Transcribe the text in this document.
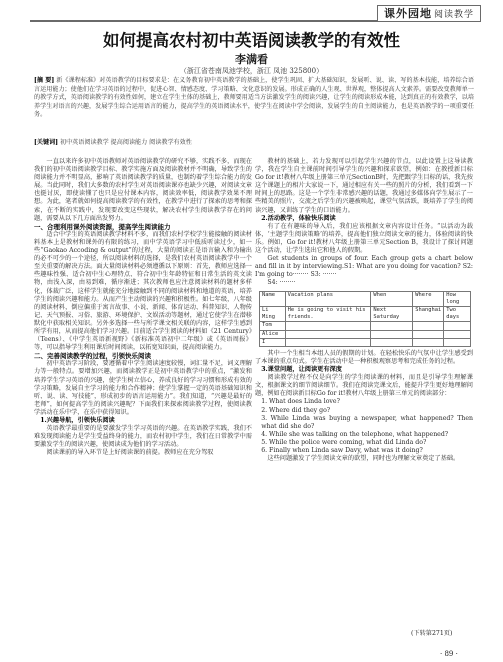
课外园地 阅读教学
如何提高农村初中英语阅读教学的有效性
李满看
（浙江省苍南凤池学校，浙江 凤池 325800）
[摘 要] 新《课程标准》对英语教学的目标要求是：在义务教育初中英语教学的基础上，使学生巩固、扩大基础知识，发展听、说、读、写的基本技能，培养综合语言运用能力；使他们在学习英语的过程中，促进心智、情感态度、学习策略、文化意识的发展。形成正确的人生观、世界观，整体提高人文素养。需要改变教师单一的教学方式，英语阅读教学的有效性如何，建立在学生主体的基础上，教师要用适当方法激发学生的阅读兴趣，让学生的阅读形成本能，达到真正的有效教学，以培养学生对语言的兴趣，发展学生综合运用语言的能力，提高学生的英语阅读水平，使学生在阅读中学会阅读，发展学生的自主阅读能力，也是英语教学的一项重要任务。
[关键词] 初中英语阅读教学 提高阅读能力 阅读教学有效性

一直以来许多初中英语教师对英语阅读教学的研究不够，实践不多，而现在我们的初中英语阅读教学目标、教学实施方面及阅读教材并不明确，导致学生的阅读能力并不明显高，影响了英语阅读教学的质量，也制约着学生综合能力的发展。当此同时，我们大多数的农村学生对英语阅读课亦也缺少兴趣，对阅读文章也挺讨厌，即使读懂了也只是应付课本内容，阅读效率低，阅读教学效果不理想。为此，笔者就如何提高阅读教学的有效性，在教学中进行了探索的思考和探索，在不断的实践中，发现要改变这些现状，解决农村学生阅读教学存在的问题，需要从以下几方面出发努力。

一、合理利用课外阅读资源，提高学生阅读能力

适合中学生的英语阅读教学材料不多，而我们农村学校学生能接触的阅读材料基本上是教材和课外的有限的练习，而中学英语学习中低质听读过少，如一些“Gaokao Accoding & output”的过程，大量的阅读正是语言输入和为输出的必不可少的一个途径，所以阅读材料的选择，是我们农村英语阅读教学中一个至关重要的解决方法。面大量阅读材料必须遵循以下原则：首先，教师应选择一些趣味性强、适合初中生心理特点、符合初中生年龄特征和日常生活的英文读物，由浅入深，由易到难，循序渐进；其次教师也应注意阅读材料的题材多样化，体裁广泛，这样学生就能充分地接触到不同的阅读材料和地道的英语，培养学生的阅读兴趣和能力。从而产生主动阅读的兴趣和积极性。如七年级，八年级的阅读材料，倒应偏重于寓言故事、小说、新闻、体育运动、科普知识、人物传记、天气预报、习俗、旅游、环境保护、文娱活动等题材，通过它使学生在潜移默化中获取相关知识。另外多选择一些与所学课文相关联的内容，这样学生感到所学有用，从而提高他们学习兴趣。目前适合学生阅读的材料如《21 Century》（Teens）、《中学生英语新视野》《新标准英语初中二年级》或《英语周报》等，可以指导学生利用课后时间阅读，以拓宽知识面，提高阅读能力。

二、完善阅读教学的过程，引领快乐阅读

初中英语学习阶段，要遵循着中学生阅读速度较慢，词汇量不足，词义理解力等一般特点。要增加兴趣，而阅读教学正是初中英语教学中的重点，“激发和培养学生学习英语的兴趣，使学生树立信心，养成良好的学习习惯和形成有效的学习策略，发展自主学习的能力和合作精神；使学生掌握一定的英语基础知识和听、说、读、写技能”，形成初步的语言运用能力”。我们知道，“兴趣是最好的老师”，如何提高学生的阅读兴趣呢？下面我们来探索阅读教学过程，使阅读教学活动在乐中学，在乐中获得知识。

1.兴趣导航，引领快乐阅读

英语教学最重要的是要激发学生学习英语的兴趣。在英语教学实践，我们不难发现阅读能力是学生受益终身的能力，而农村初中学生，我们在日常教学中需要激发学生的阅读兴趣，使阅读成为他们的学习活动。

阅读课前的导入环节是上好阅读课的前提。教师应在充分驾驭

教材的基础上，若力发现可以引起学生兴趣的节点，以此设置上这导读教学，我在学生自主课前时间引导学生的兴趣和探求欲望，例如：在教授新目标Go for it!教材八年级上册第三单元SectionB时，先把跟学生目标的话，我先按这个课题上的相片大家说一下，通过相应有关一些的照片的分析，我们看到一下时间上的思路。这是一个学生非常感兴趣的话题，我通过多媒体向学生展示了一些精美的照片，交流之后学生的兴趣被唤起，课堂气氛活跃，既培养了学生的阅读兴趣，又训练了学生的口语能力。

2.活动教学，体验快乐阅读

有了在有趣味的导入后，我们应该根据文章内容设计任务。“以活动为载体，‘主题学生阅读策略’的培养，提高他们独立阅读文章的能力，体验阅读的快乐。例如，Go for it!教材八年级上册第三单元Section B，我设计了探讨问题这个活动，让学生选出它和他人的假期。

Get students in groups of four. Each group gets a chart below and fill in it by interviewing.S1: What are you doing for vacation? S2: I'm going to········ S3: ·······

S4: ········

Name	Vacation plans	When	Where	How long
Li Ming	He is going to visit his friends.	Next Saturday	Shanghai	Two days
Tom				
Alice				
I				

其中一个生相当本组人员的假期的计划。在轻松快乐的气氛中让学生感受到了本课的重点句式。学生在活动中是一种积极观察思考和完成任务的过程。

3.课堂问题，让阅读更有深度

阅读教学过程不仅是向学生的学生阅读课的材料，而且是引导学生理解课文，根据课文的细节阅读细节。我们在阅读完课文后，能提升学生更好地理解问题，例如在阅读新目标Go for it!教材八年级上册第三单元的阅读部分：

1. What does Linda love?

2. Where did they go?

3. While Linda was buying a newspaper, what happened? Then what did she do?

4. While she was talking on the telephone, what happened?

5. While the police were coming, what did Linda do?

6. Finally when Linda saw Davy, what was it doing?

这些问题激发了学生阅读文章的欲望，同时也为理解文章奠定了基础。

(下转第271页)
· 89 ·
